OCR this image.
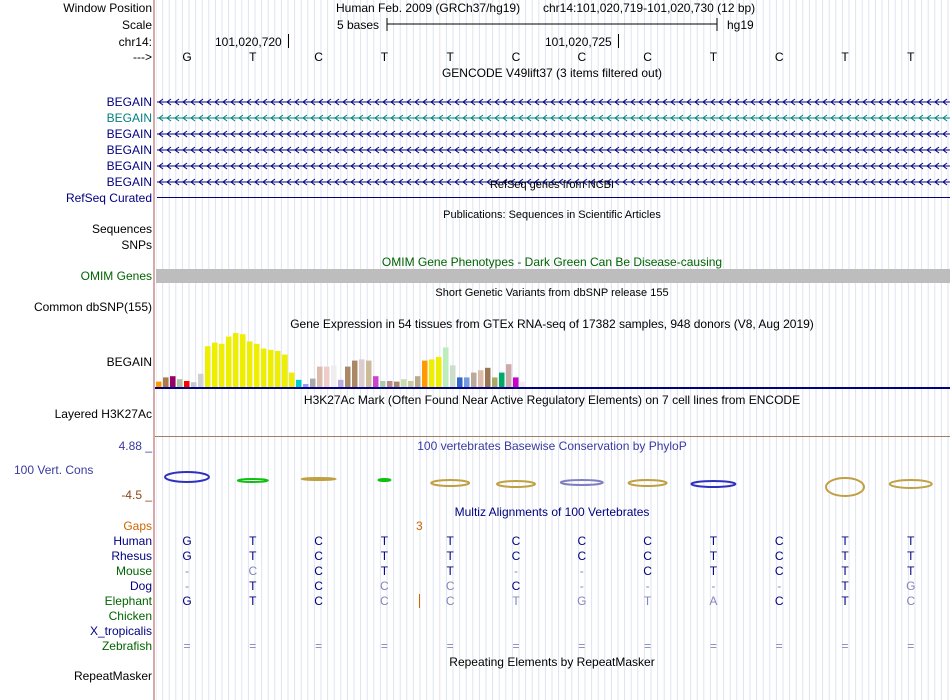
Window Position	Human Feb. 2009 (GRCh37/hg19) chr14:101,020,719-101,020,730 (12 bp)
Scale	5 bases	hg19
chr14:	101,020,720	101,020,725
--->	G	T	C	T	T	C	C	C	T	C	T	T
GENCODE V49lift37 (3 items filtered out)
BEGAIN
BEGAIN
BEGAIN
BEGAIN
BEGAIN
BEGAIN	RefSeq genes from NCBI
RefSeq Curated
Publications: Sequences in Scientific Articles
Sequences
SNPs
OMIM Gene Phenotypes - Dark Green Can Be Disease-causing
OMIM Genes
Short Genetic Variants from dbSNP release 155
Common dbSNP(155)
Gene Expression in 54 tissues from GTEx RNA-seq of 17382 samples, 948 donors (V8, Aug 2019)
BEGAIN
H3K27Ac Mark (Often Found Near Active Regulatory Elements) on 7 cell lines from ENCODE
Layered H3K27Ac
100 vertebrates Basewise Conservation by PhyloP
4.88 _
100 Vert. Cons
-4.5 _
Multiz Alignments of 100 Vertebrates
Gaps	3
Human	G	T	C	T	T	C	C	C	T	C	T	T
Rhesus	G	T	C	T	T	C	C	C	T	C	T	T
Mouse	-	C	C	T	T	-	-	C	T	C	T	T
Dog	-	T	C	C	C	C	-	-	-	-	T	G
Elephant	G	T	C	C	C	T	G	T	A	C	T	C
Chicken
X_tropicalis
Zebrafish	=	=	=	=	=	=	=	=	=	=	=	=
Repeating Elements by RepeatMasker
RepeatMasker
